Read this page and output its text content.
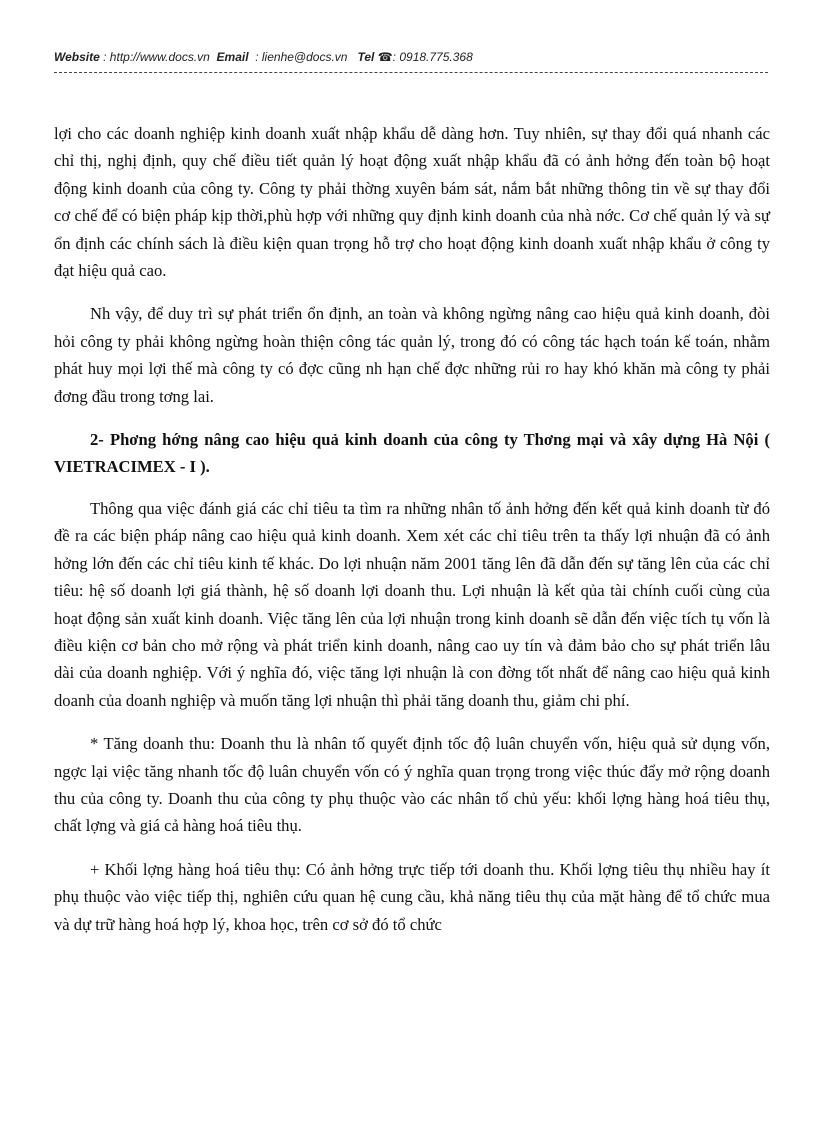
Website : http://www.docs.vn Email : lienhe@docs.vn Tel ☎: 0918.775.368

lợi cho các doanh nghiệp kinh doanh xuất nhập khẩu dễ dàng hơn. Tuy nhiên, sự thay đổi quá nhanh các chỉ thị, nghị định, quy chế điều tiết quản lý hoạt động xuất nhập khẩu đã có ảnh hởng đến toàn bộ hoạt động kinh doanh của công ty. Công ty phải thờng xuyên bám sát, nắm bắt những thông tin về sự thay đổi cơ chế để có biện pháp kịp thời,phù hợp với những quy định kinh doanh của nhà nớc. Cơ chế quản lý và sự ổn định các chính sách là điều kiện quan trọng hỗ trợ cho hoạt động kinh doanh xuất nhập khẩu ở công ty đạt hiệu quả cao.

Nh vậy, để duy trì sự phát triển ổn định, an toàn và không ngừng nâng cao hiệu quả kinh doanh, đòi hỏi công ty phải không ngừng hoàn thiện công tác quản lý, trong đó có công tác hạch toán kế toán, nhằm phát huy mọi lợi thế mà công ty có đợc cũng nh hạn chế đợc những rủi ro hay khó khăn mà công ty phải đơng đầu trong tơng lai.

2- Phơng hớng nâng cao hiệu quả kinh doanh của công ty Thơng mại và xây dựng Hà Nội ( VIETRACIMEX - I ).

Thông qua việc đánh giá các chỉ tiêu ta tìm ra những nhân tố ảnh hởng đến kết quả kinh doanh từ đó đề ra các biện pháp nâng cao hiệu quả kinh doanh. Xem xét các chỉ tiêu trên ta thấy lợi nhuận đã có ảnh hởng lớn đến các chỉ tiêu kinh tế khác. Do lợi nhuận năm 2001 tăng lên đã dẫn đến sự tăng lên của các chỉ tiêu: hệ số doanh lợi giá thành, hệ số doanh lợi doanh thu. Lợi nhuận là kết qủa tài chính cuối cùng của hoạt động sản xuất kinh doanh. Việc tăng lên của lợi nhuận trong kinh doanh sẽ dẫn đến việc tích tụ vốn là điều kiện cơ bản cho mở rộng và phát triển kinh doanh, nâng cao uy tín và đảm bảo cho sự phát triển lâu dài của doanh nghiệp. Với ý nghĩa đó, việc tăng lợi nhuận là con đờng tốt nhất để nâng cao hiệu quả kinh doanh của doanh nghiệp và muốn tăng lợi nhuận thì phải tăng doanh thu, giảm chi phí.

* Tăng doanh thu: Doanh thu là nhân tố quyết định tốc độ luân chuyển vốn, hiệu quả sử dụng vốn, ngợc lại việc tăng nhanh tốc độ luân chuyển vốn có ý nghĩa quan trọng trong việc thúc đẩy mở rộng doanh thu của công ty. Doanh thu của công ty phụ thuộc vào các nhân tố chủ yếu: khối lợng hàng hoá tiêu thụ, chất lợng và giá cả hàng hoá tiêu thụ.

+ Khối lợng hàng hoá tiêu thụ: Có ảnh hởng trực tiếp tới doanh thu. Khối lợng tiêu thụ nhiều hay ít phụ thuộc vào việc tiếp thị, nghiên cứu quan hệ cung cầu, khả năng tiêu thụ của mặt hàng để tổ chức mua và dự trữ hàng hoá hợp lý, khoa học, trên cơ sở đó tổ chức
